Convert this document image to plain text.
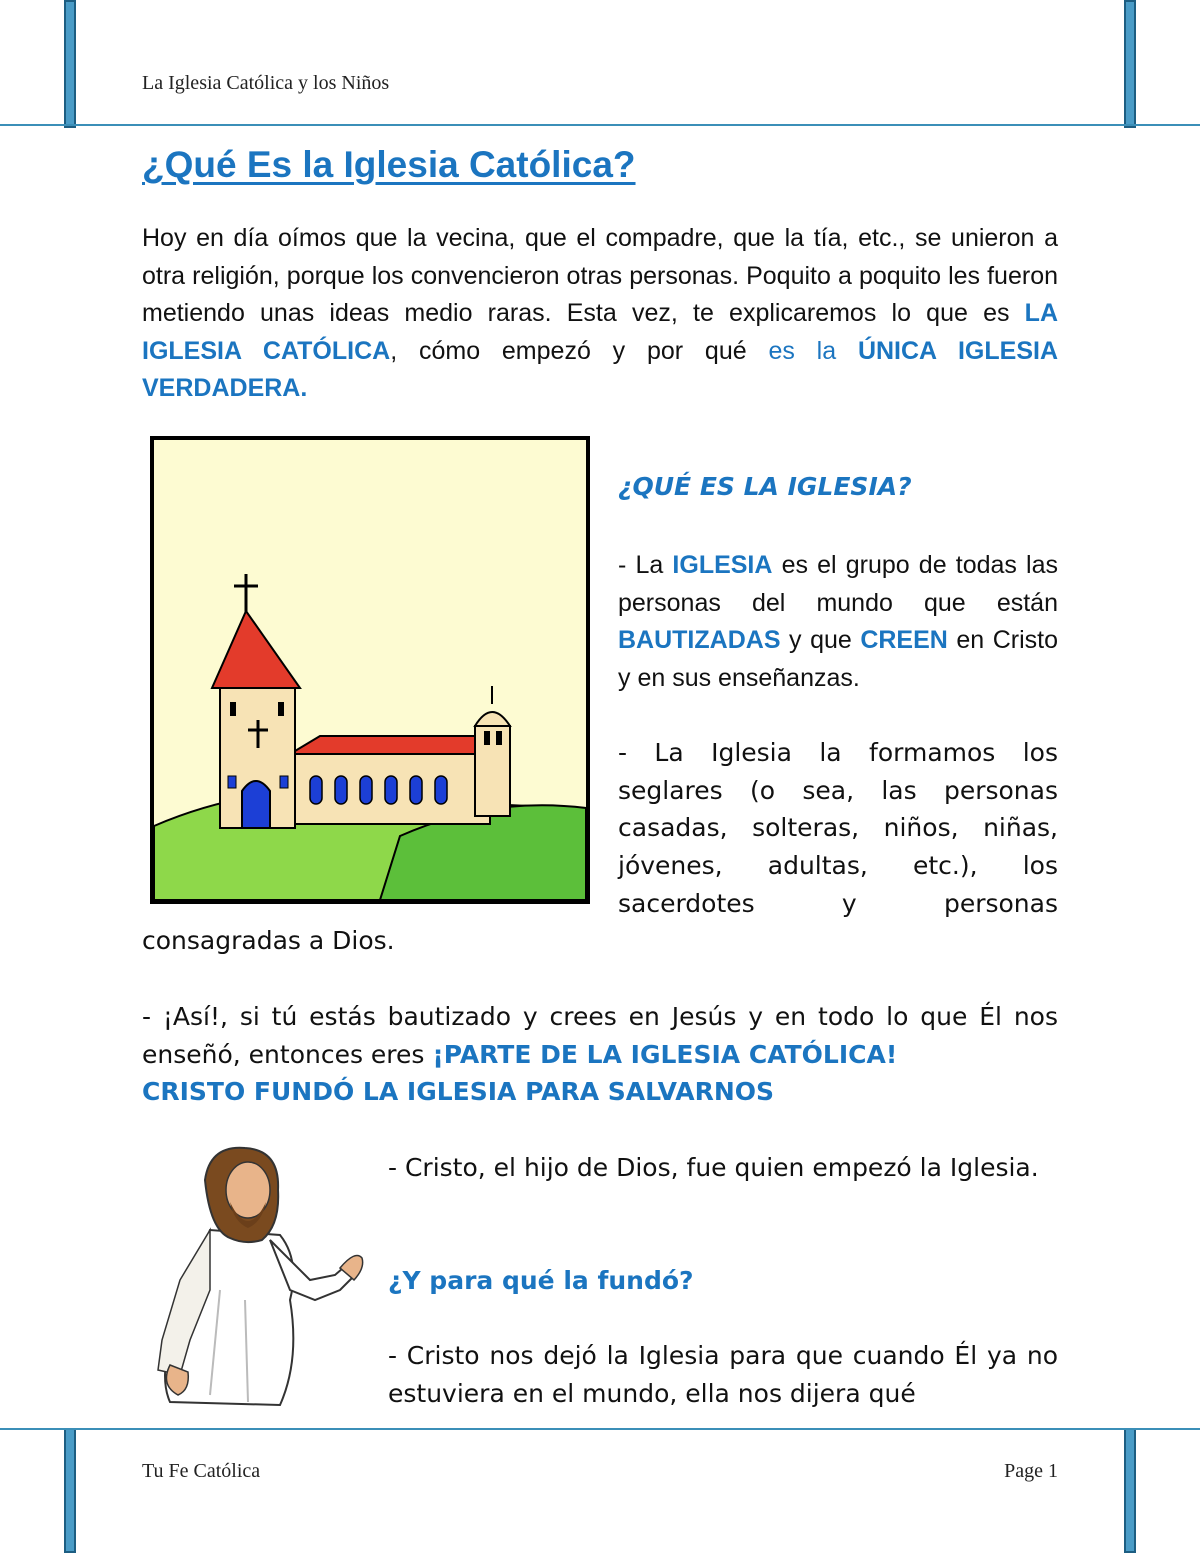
La Iglesia Católica y los Niños
¿Qué Es la Iglesia Católica?

Hoy en día oímos que la vecina, que el compadre, que la tía, etc., se unieron a otra religión, porque los convencieron otras personas. Poquito a poquito les fueron metiendo unas ideas medio raras. Esta vez, te explicaremos lo que es LA IGLESIA CATÓLICA, cómo empezó y por qué es la ÚNICA IGLESIA VERDADERA.

¿QUÉ ES LA IGLESIA?

- La IGLESIA es el grupo de todas las personas del mundo que están BAUTIZADAS y que CREEN en Cristo y en sus enseñanzas.

- La Iglesia la formamos los
seglares (o sea, las personas
casadas, solteras, niños, niñas,
jóvenes, adultas, etc.), los
sacerdotes y personas
consagradas a Dios.

- ¡Así!, si tú estás bautizado y crees en Jesús y en todo lo que Él nos enseñó, entonces eres ¡PARTE DE LA IGLESIA CATÓLICA!

CRISTO FUNDÓ LA IGLESIA PARA SALVARNOS

- Cristo, el hijo de Dios, fue quien empezó la Iglesia.

¿Y para qué la fundó?

- Cristo nos dejó la Iglesia para que cuando Él ya no estuviera en el mundo, ella nos dijera qué

Tu Fe Católica	Page 1
